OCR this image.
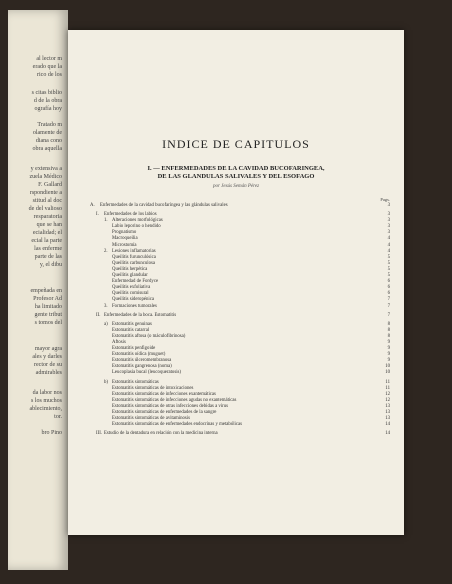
al lector m
erado que la
rico de los
s citas biblio
d de la obra
ografía hoy
Tratado m
olamente de
diana cono
obra aquella
y extensiva a
zuela Médico
F. Gallard
rspondiente a
stitud al doc
de del valioso
resparatoria
que se han
ecialidad; el
ecial la parte
las enferme
parte de las
y, el dibu
empeñada en
Profesor Ad
ha limitado
gente tribut
s tomos del
mayor agra
ales y darles
rector de su
admirables
da labor nos
s los muchos
ablecimiento,
tor.
bro Pino
INDICE DE CAPITULOS
I. — ENFERMEDADES DE LA CAVIDAD BUCOFARINGEA,
DE LAS GLANDULAS SALIVALES Y DEL ESOFAGO
por Jesús Semán Pérez
Pags.
A. Enfermedades de la cavidad bucofaríngea y las glándulas salivales	3
I. Enfermedades de los labios	3
1. Alteraciones morfológicas	3
Labio leporino o hendido	3
Prognatismo	3
Macroqueilia	4
Microstomía	4
2. Lesiones inflamatorias	4
Queilitis furunculósica	5
Queilitis carbunculosa	5
Queilitis herpética	5
Queilitis glandular	5
Enfermedad de Fordyce	6
Queilitis exfoliativa	6
Queilitis comisural	6
Queilitis sideropénica	7
3. Formaciones tumorales	7
II. Enfermedades de la boca. Estomatitis	7
a) Estomatitis genuinas	8
Estomatitis catarral	8
Estomatitis aftosa (o máculofibrinosa)	8
Aftosis	9
Estomatitis penfigoide	9
Estomatitis oídica (muguet)	9
Estomatitis úlceromembranosa	9
Estomatitis gangrenosa (noma)	10
Leucoplasia bucal (leucoqueratosis)	10
b) Estomatitis sintomáticas	11
Estomatitis sintomáticas de intoxicaciones	11
Estomatitis sintomáticas de infecciones exantemáticas	12
Estomatitis sintomáticas de infecciones agudas no exantemáticas	12
Estomatitis sintomáticas de otras infecciones debidas a virus	13
Estomatitis sintomáticas de enfermedades de la sangre	13
Estomatitis sintomáticas de avitaminosis	13
Estomatitis sintomáticas de enfermedades endocrinas y metabólicas	14
III. Estudio de la dentadura en relación con la medicina interna	14
